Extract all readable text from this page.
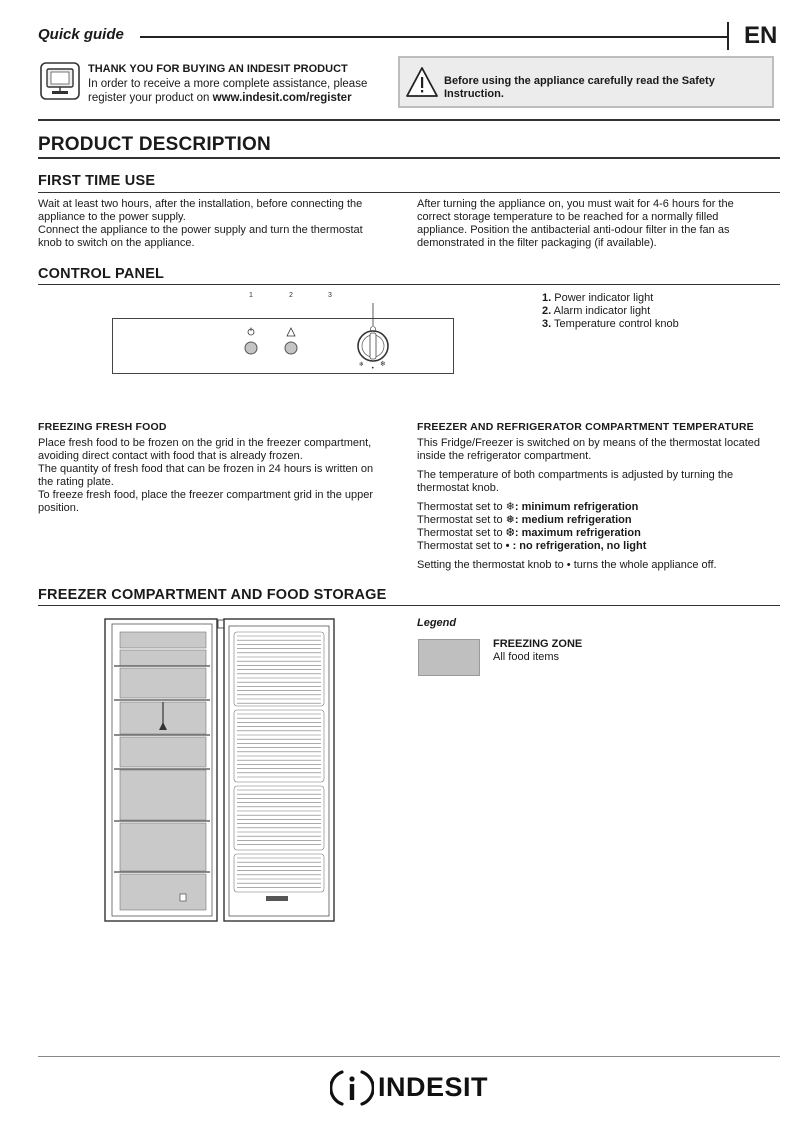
Quick guide	EN
THANK YOU FOR BUYING AN INDESIT PRODUCT
In order to receive a more complete assistance, please
register your product on www.indesit.com/register
Before using the appliance carefully read the Safety
Instruction.
PRODUCT DESCRIPTION
FIRST TIME USE

Wait at least two hours, after the installation, before connecting the appliance to the power supply.

Connect the appliance to the power supply and turn the thermostat knob to switch on the appliance.

After turning the appliance on, you must wait for 4-6 hours for the correct storage temperature to be reached for a normally filled appliance. Position the antibacterial anti-odour filter in the fan as demonstrated in the filter packaging (if available).
CONTROL PANEL
1	2	3
❄
•
❄
1. Power indicator light
2. Alarm indicator light
3. Temperature control knob
FREEZING FRESH FOOD

Place fresh food to be frozen on the grid in the freezer compartment, avoiding direct contact with food that is already frozen.

The quantity of fresh food that can be frozen in 24 hours is written on the rating plate.

To freeze fresh food, place the freezer compartment grid in the upper position.

FREEZER AND REFRIGERATOR COMPARTMENT TEMPERATURE

This Fridge/Freezer is switched on by means of the thermostat located inside the refrigerator compartment.

The temperature of both compartments is adjusted by turning the thermostat knob.

Thermostat set to ❄: minimum refrigeration
Thermostat set to ❅: medium refrigeration
Thermostat set to ❆: maximum refrigeration
Thermostat set to • : no refrigeration, no light

Setting the thermostat knob to • turns the whole appliance off.

FREEZER COMPARTMENT AND FOOD STORAGE
Legend
FREEZING ZONE
All food items
INDESIT
